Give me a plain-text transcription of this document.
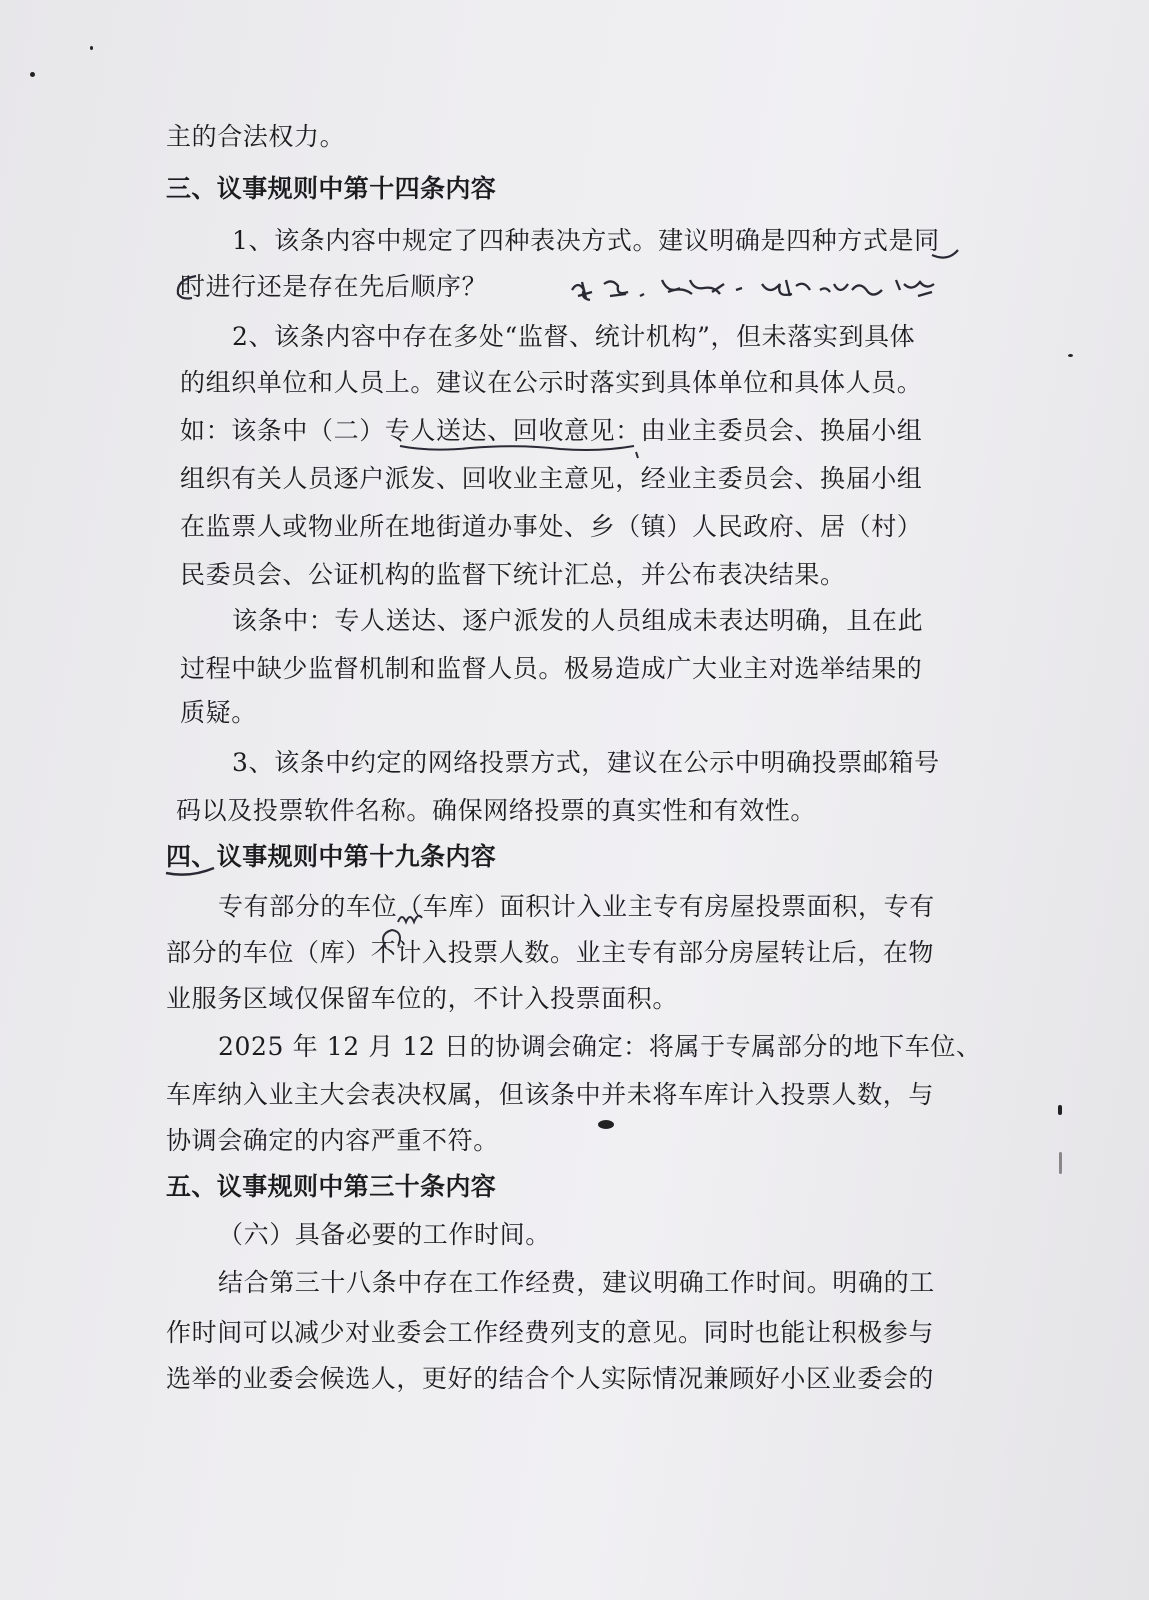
主的合法权力。
三、议事规则中第十四条内容
1、该条内容中规定了四种表决方式。建议明确是四种方式是同
时进行还是存在先后顺序？
2、该条内容中存在多处“监督、统计机构”，但未落实到具体
的组织单位和人员上。建议在公示时落实到具体单位和具体人员。
如：该条中（二）专人送达、回收意见：由业主委员会、换届小组
组织有关人员逐户派发、回收业主意见，经业主委员会、换届小组
在监票人或物业所在地街道办事处、乡（镇）人民政府、居（村）
民委员会、公证机构的监督下统计汇总，并公布表决结果。
该条中：专人送达、逐户派发的人员组成未表达明确，且在此
过程中缺少监督机制和监督人员。极易造成广大业主对选举结果的
质疑。
3、该条中约定的网络投票方式，建议在公示中明确投票邮箱号
码以及投票软件名称。确保网络投票的真实性和有效性。
四、议事规则中第十九条内容
专有部分的车位（车库）面积计入业主专有房屋投票面积，专有
部分的车位（库）不计入投票人数。业主专有部分房屋转让后，在物
业服务区域仅保留车位的，不计入投票面积。
2025 年 12 月 12 日的协调会确定：将属于专属部分的地下车位、
车库纳入业主大会表决权属，但该条中并未将车库计入投票人数，与
协调会确定的内容严重不符。
五、议事规则中第三十条内容
（六）具备必要的工作时间。
结合第三十八条中存在工作经费，建议明确工作时间。明确的工
作时间可以减少对业委会工作经费列支的意见。同时也能让积极参与
选举的业委会候选人，更好的结合个人实际情况兼顾好小区业委会的
